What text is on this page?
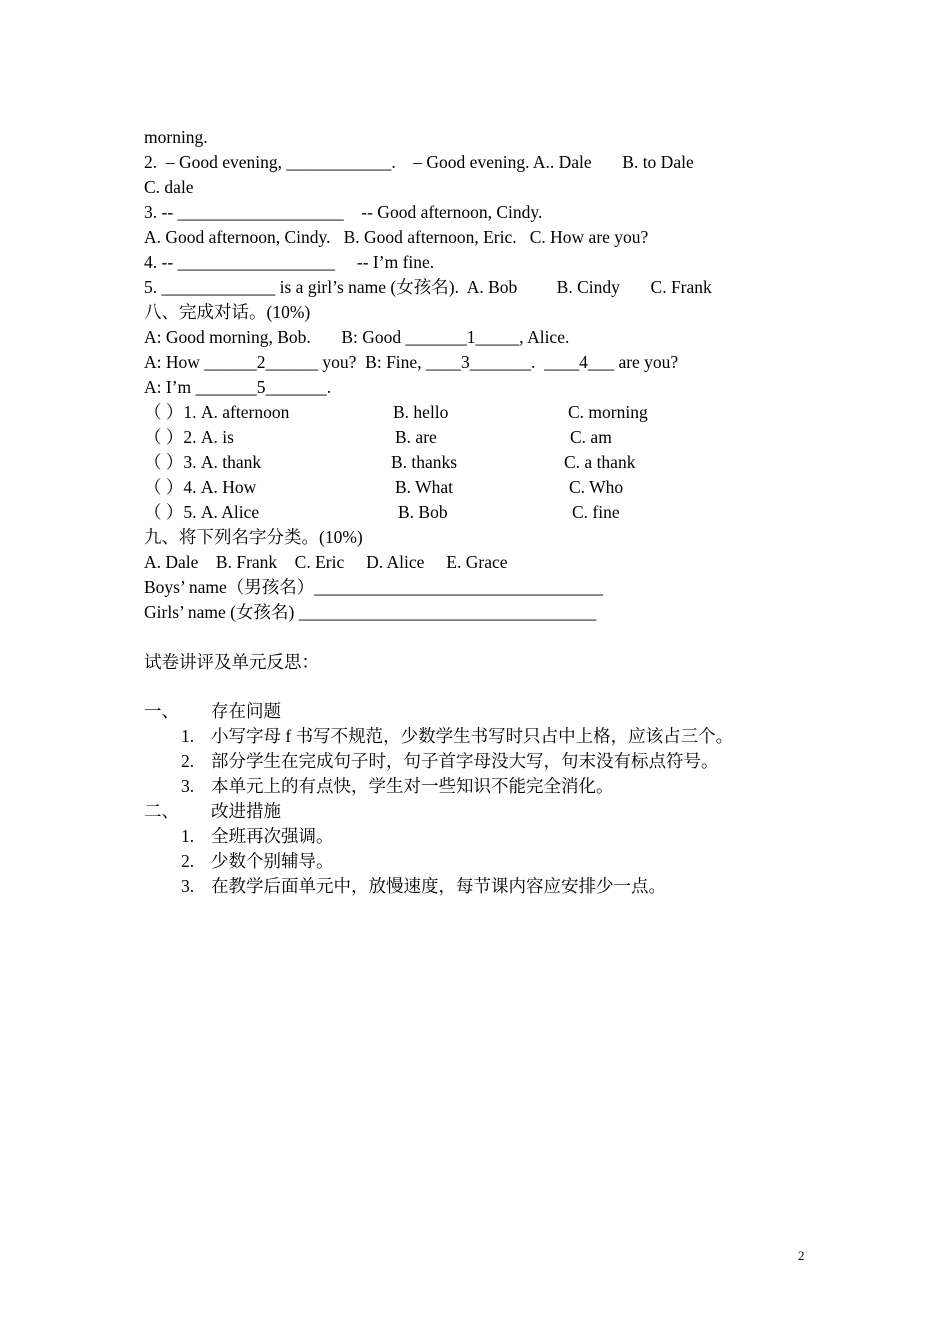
morning.

2.  – Good evening, ____________.    – Good evening. A.. Dale       B. to Dale

C. dale

3. -- ___________________    -- Good afternoon, Cindy.

A. Good afternoon, Cindy.   B. Good afternoon, Eric.   C. How are you?

4. -- __________________     -- I’m fine.

5. _____________ is a girl’s name (女孩名).  A. Bob         B. Cindy       C. Frank

八、完成对话。(10%)

A: Good morning, Bob.       B: Good _______1_____, Alice.

A: How ______2______ you?  B: Fine, ____3_______.  ____4___ are you?

A: I’m _______5_______.

（ ）1. A. afternoon	B. hello	C. morning
（ ）2. A. is	B. are	C. am
（ ）3. A. thank	B. thanks	C. a thank
（ ）4. A. How	B. What	C. Who
（ ）5. A. Alice	B. Bob	C. fine

九、将下列名字分类。(10%)

A. Dale    B. Frank    C. Eric     D. Alice     E. Grace

Boys’ name（男孩名）_________________________________

Girls’ name (女孩名) __________________________________

试卷讲评及单元反思：

一、 存在问题
1. 小写字母 f 书写不规范，少数学生书写时只占中上格，应该占三个。
2. 部分学生在完成句子时，句子首字母没大写，句末没有标点符号。
3. 本单元上的有点快，学生对一些知识不能完全消化。
二、 改进措施
1. 全班再次强调。
2. 少数个别辅导。
3. 在教学后面单元中，放慢速度，每节课内容应安排少一点。
2
